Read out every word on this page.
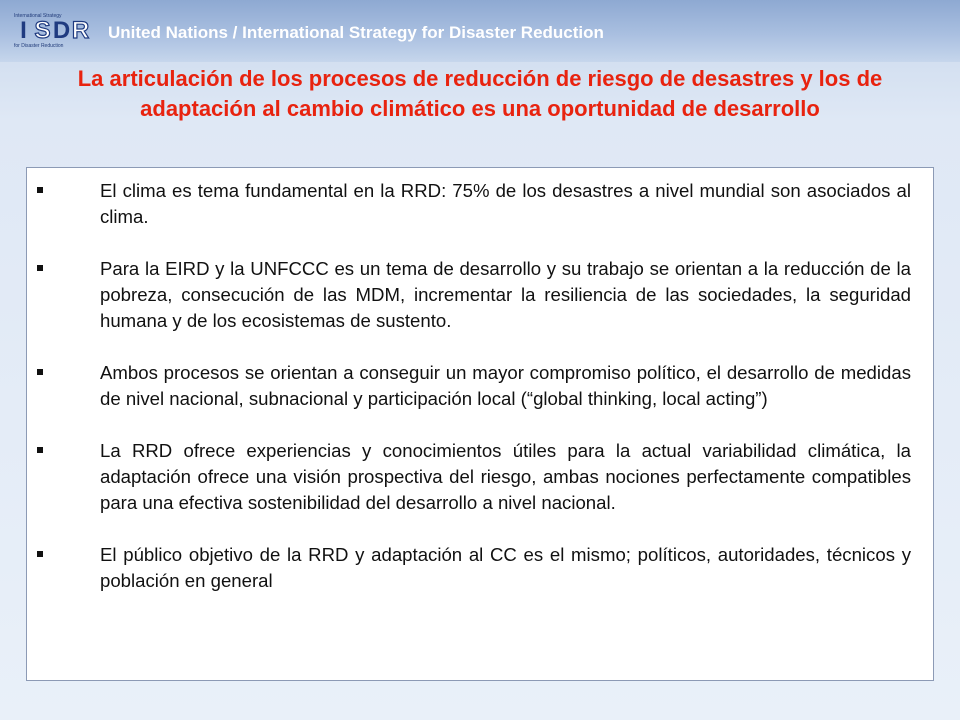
International Strategy
I S D R
for Disaster Reduction
United Nations / International Strategy for Disaster Reduction
La articulación de los procesos de reducción de riesgo de desastres y los de adaptación al cambio climático es una oportunidad de desarrollo
El clima es tema fundamental en la RRD: 75% de los desastres a nivel mundial son asociados al clima.
Para la EIRD y la UNFCCC es un tema de desarrollo y su trabajo se orientan a la reducción de la pobreza, consecución de las MDM, incrementar la resiliencia de las sociedades, la seguridad humana y de los ecosistemas de sustento.
Ambos procesos se orientan a conseguir un mayor compromiso político, el desarrollo de medidas de nivel nacional, subnacional y participación local (“global thinking, local acting”)
La RRD ofrece experiencias y conocimientos útiles para la actual variabilidad climática, la adaptación ofrece una visión prospectiva del riesgo, ambas nociones perfectamente compatibles para una efectiva sostenibilidad del desarrollo a nivel nacional.
El público objetivo de la RRD y adaptación al CC es el mismo; políticos, autoridades, técnicos y población en general
